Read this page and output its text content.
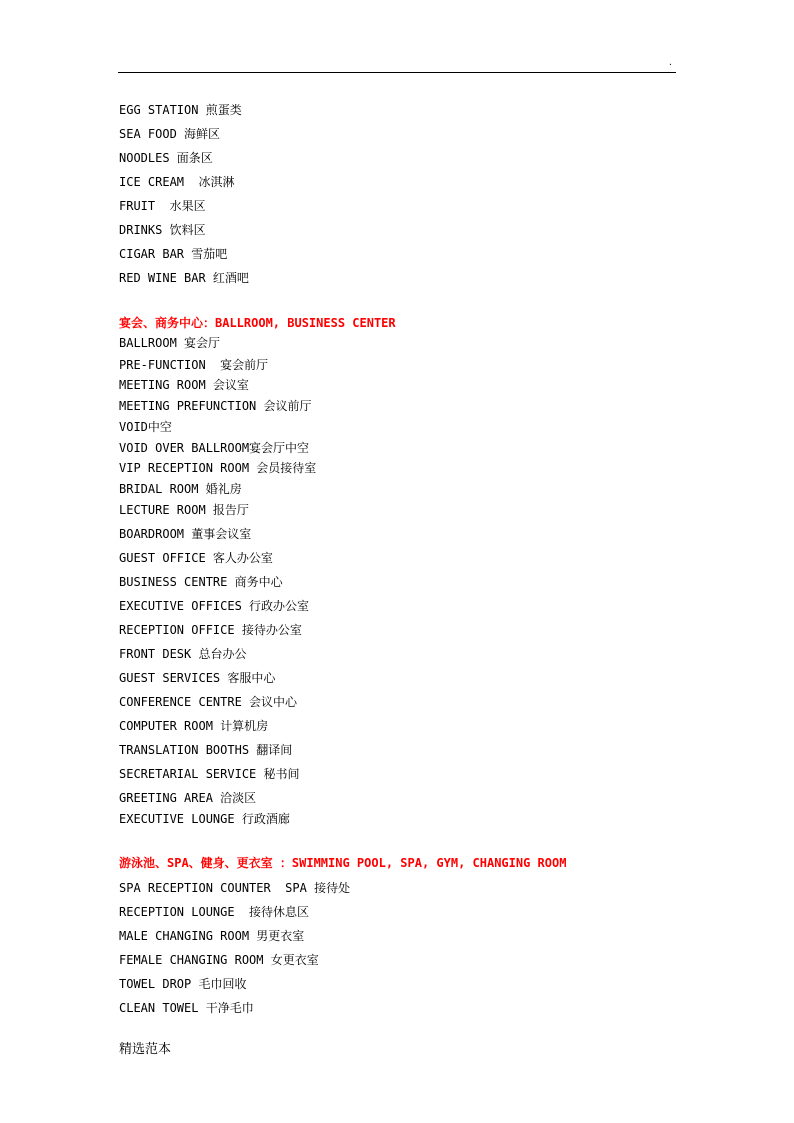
.
EGG STATION 煎蛋类
SEA FOOD 海鲜区
NOODLES 面条区
ICE CREAM  冰淇淋
FRUIT  水果区
DRINKS 饮料区
CIGAR BAR 雪茄吧
RED WINE BAR 红酒吧
宴会、商务中心：BALLROOM, BUSINESS CENTER
BALLROOM 宴会厅
PRE-FUNCTION  宴会前厅
MEETING ROOM 会议室
MEETING PREFUNCTION 会议前厅
VOID中空
VOID OVER BALLROOM宴会厅中空
VIP RECEPTION ROOM 会员接待室
BRIDAL ROOM 婚礼房
LECTURE ROOM 报告厅
BOARDROOM 董事会议室
GUEST OFFICE 客人办公室
BUSINESS CENTRE 商务中心
EXECUTIVE OFFICES 行政办公室
RECEPTION OFFICE 接待办公室
FRONT DESK 总台办公
GUEST SERVICES 客服中心
CONFERENCE CENTRE 会议中心
COMPUTER ROOM 计算机房
TRANSLATION BOOTHS 翻译间
SECRETARIAL SERVICE 秘书间
GREETING AREA 洽淡区
EXECUTIVE LOUNGE 行政酒廊
游泳池、SPA、健身、更衣室 ：SWIMMING POOL, SPA, GYM, CHANGING ROOM
SPA RECEPTION COUNTER  SPA 接待处
RECEPTION LOUNGE  接待休息区
MALE CHANGING ROOM 男更衣室
FEMALE CHANGING ROOM 女更衣室
TOWEL DROP 毛巾回收
CLEAN TOWEL 干净毛巾
精选范本
